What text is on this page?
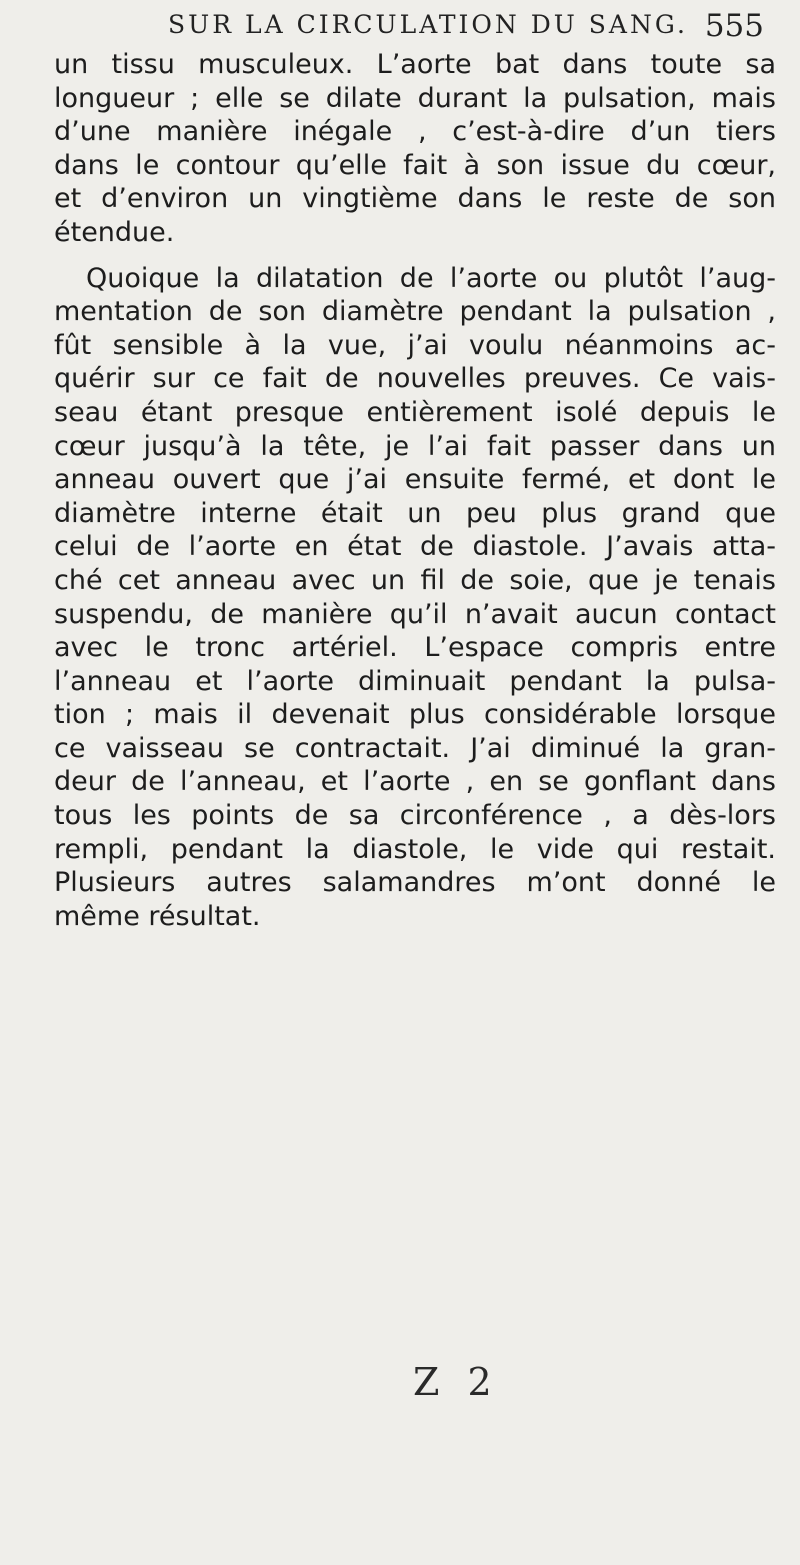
SUR LA CIRCULATION DU SANG. 555
un tissu musculeux. L’aorte bat dans toute sa
longueur ; elle se dilate durant la pulsation, mais
d’une manière inégale , c’est-à-dire d’un tiers
dans le contour qu’elle fait à son issue du cœur,
et d’environ un vingtième dans le reste de son
étendue.
Quoique la dilatation de l’aorte ou plutôt l’aug-
mentation de son diamètre pendant la pulsation ,
fût sensible à la vue, j’ai voulu néanmoins ac-
quérir sur ce fait de nouvelles preuves. Ce vais-
seau étant presque entièrement isolé depuis le
cœur jusqu’à la tête, je l’ai fait passer dans un
anneau ouvert que j’ai ensuite fermé, et dont le
diamètre interne était un peu plus grand que
celui de l’aorte en état de diastole. J’avais atta-
ché cet anneau avec un fil de soie, que je tenais
suspendu, de manière qu’il n’avait aucun contact
avec le tronc artériel. L’espace compris entre
l’anneau et l’aorte diminuait pendant la pulsa-
tion ; mais il devenait plus considérable lorsque
ce vaisseau se contractait. J’ai diminué la gran-
deur de l’anneau, et l’aorte , en se gonflant dans
tous les points de sa circonférence , a dès-lors
rempli, pendant la diastole, le vide qui restait.
Plusieurs autres salamandres m’ont donné le
même résultat.
Z 2
